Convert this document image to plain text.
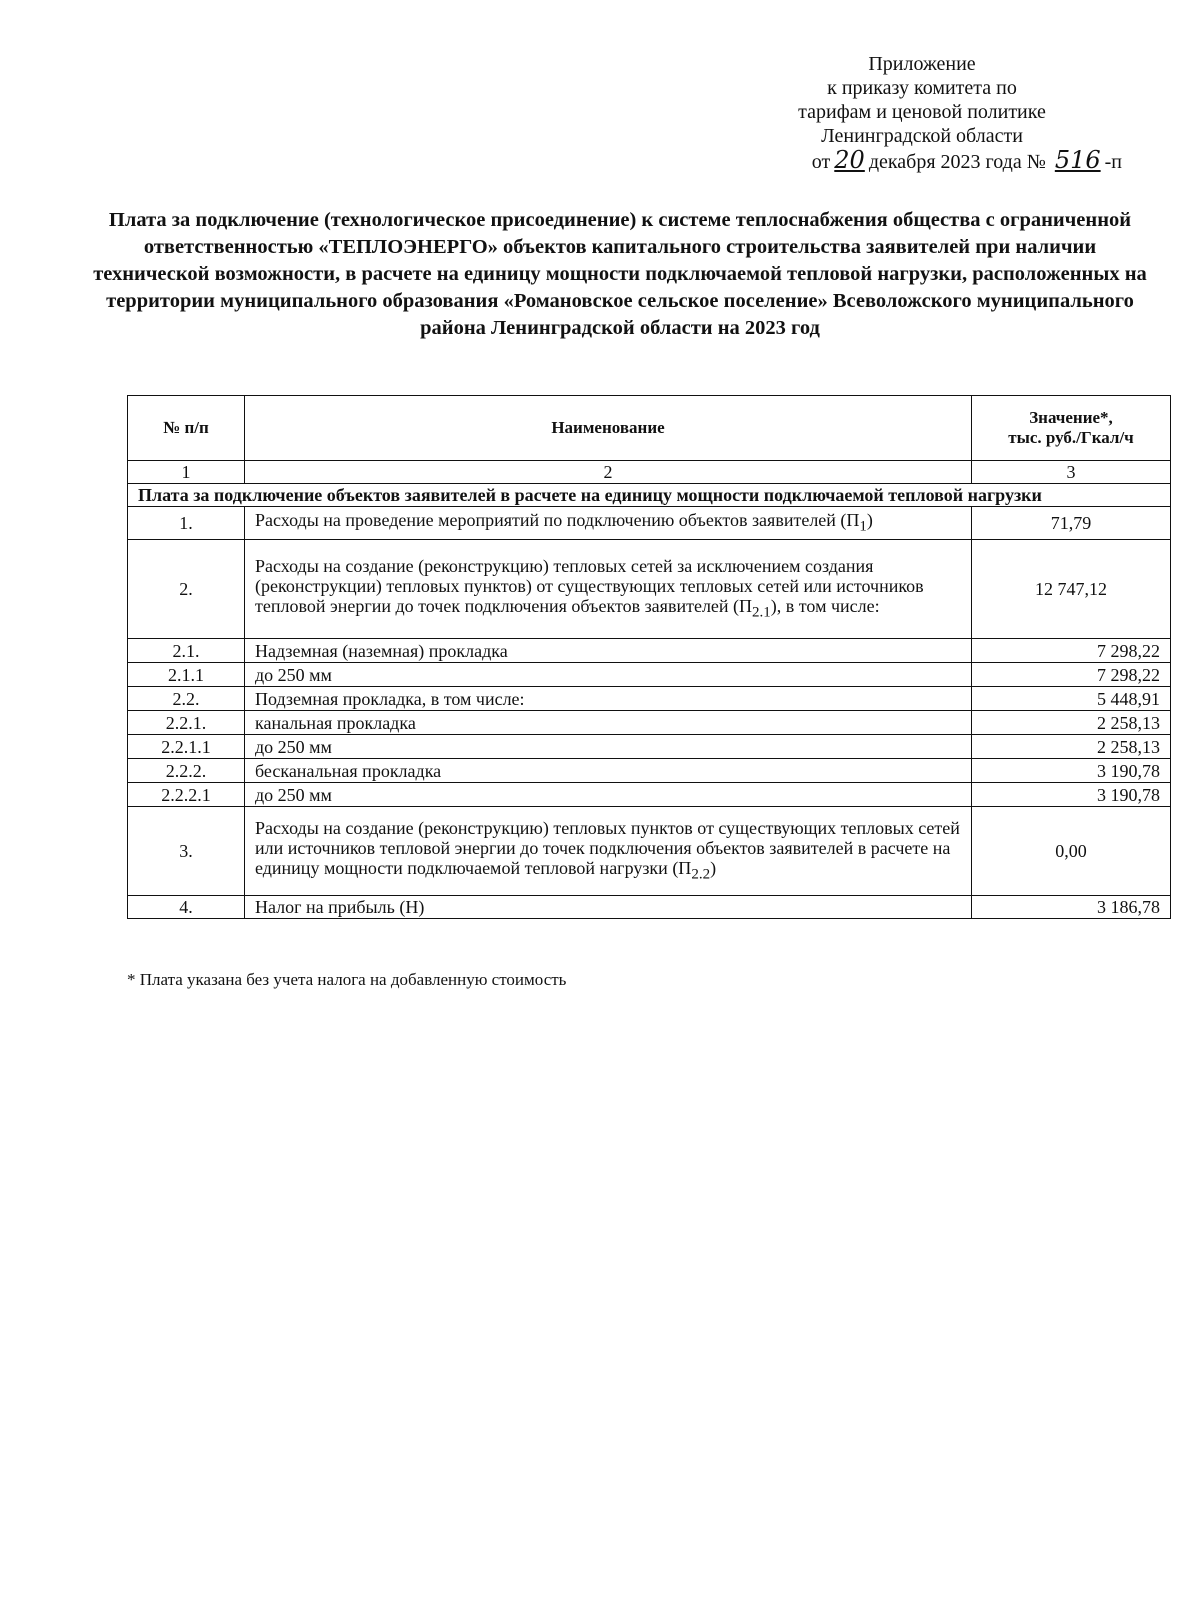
Приложение
к приказу комитета по
тарифам и ценовой политике
Ленинградской области
от 20 декабря 2023 года № 516 -п
Плата за подключение (технологическое присоединение) к системе теплоснабжения общества с ограниченной ответственностью «ТЕПЛОЭНЕРГО» объектов капитального строительства заявителей при наличии технической возможности, в расчете на единицу мощности подключаемой тепловой нагрузки, расположенных на территории муниципального образования «Романовское сельское поселение» Всеволожского муниципального района Ленинградской области на 2023 год
№ п/п	Наименование	Значение*,
тыс. руб./Гкал/ч

1	2	3
Плата за подключение объектов заявителей в расчете на единицу мощности подключаемой тепловой нагрузки		
1.	Расходы на проведение мероприятий по подключению объектов заявителей $(П_1)$	71,79
2.	Расходы на создание (реконструкцию) тепловых сетей за исключением создания (реконструкции) тепловых пунктов) от существующих тепловых сетей или источников тепловой энергии до точек подключения объектов заявителей $(П_{2.1})$, в том числе:	12 747,12
2.1.	Надземная (наземная) прокладка	7 298,22
2.1.1	до 250 мм	7 298,22
2.2.	Подземная прокладка, в том числе:	5 448,91
2.2.1.	канальная прокладка	2 258,13
2.2.1.1	до 250 мм	2 258,13
2.2.2.	бесканальная прокладка	3 190,78
2.2.2.1	до 250 мм	3 190,78
3.	Расходы на создание (реконструкцию) тепловых пунктов от существующих тепловых сетей или источников тепловой энергии до точек подключения объектов заявителей в расчете на единицу мощности подключаемой тепловой нагрузки $(П_{2.2})$	0,00
4.	Налог на прибыль (Н)	3 186,78
* Плата указана без учета налога на добавленную стоимость
